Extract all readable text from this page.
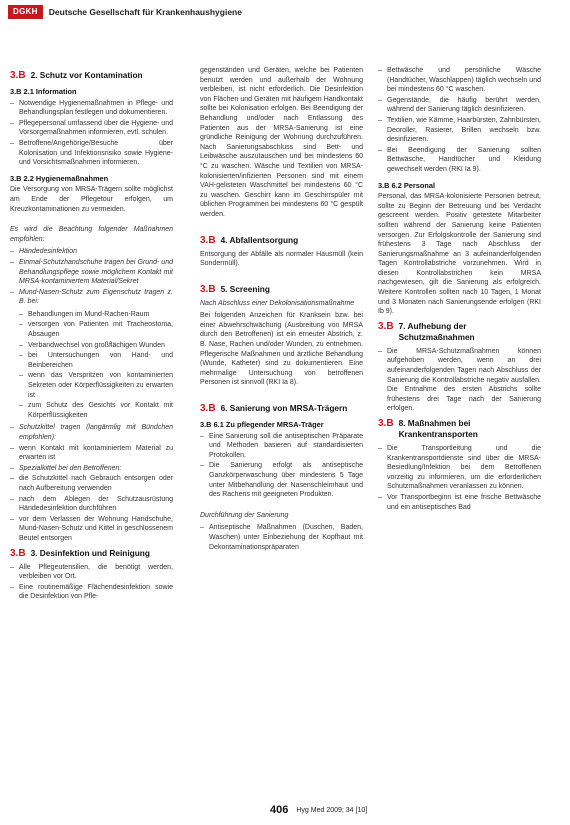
DGKH	Deutsche Gesellschaft für Krankenhaushygiene
3.B 2. Schutz vor Kontamination
3.B 2.1 Information
– Notwendige Hygienemaßnahmen in Pflege- und Behandlungsplan festlegen und dokumentieren.
– Pflegepersonal umfassend über die Hygiene- und Vorsorgemaßnahmen informieren, evtl. schulen.
– Betroffene/Angehörige/Besuche über Kolonisation und Infektionsrisiko sowie Hygiene- und Vorsichtsmaßnahmen informieren.
3.B 2.2 Hygienemaßnahmen

Die Versorgung von MRSA-Trägern sollte möglichst am Ende der Pflegetour erfolgen, um Kreuzkontaminationen zu vermeiden.

Es wird die Beachtung folgender Maßnahmen empfohlen:

– Händedesinfektion
– Einmal-Schutzhandschuhe tragen bei Grund- und Behandlungspflege sowie möglichem Kontakt mit MRSA-kontaminiertem Material/Sekret
– Mund-Nasen-Schutz zum Eigenschutz tragen z. B. bei:
– Behandlungen im Mund-Rachen-Raum
– versorgen von Patienten mit Tracheostoma, Absaugen
– Verbandwechsel von großflächigen Wunden
– bei Untersuchungen von Hand- und Beinbereichen
– wenn das Verspritzen von kontaminierten Sekreten oder Körperflüssigkeiten zu erwarten ist
– zum Schutz des Gesichts vor Kontakt mit Körperflüssigkeiten
– Schutzkittel tragen (langärmlig mit Bündchen empfohlen):
– wenn Kontakt mit kontaminiertem Material zu erwarten ist
– Spezialkittel bei den Betroffenen:
– die Schutzkittel nach Gebrauch entsorgen oder nach Aufbereitung verwenden
– nach dem Ablegen der Schutzausrüstung Händedesinfektion durchführen
– vor dem Verlassen der Wohnung Handschuhe, Mund-Nasen-Schutz und Kittel in geschlossenem Beutel entsorgen
3.B 3. Desinfektion und Reinigung
– Alle Pflegeutensilien, die benötigt werden, verbleiben vor Ort.
– Eine routinemäßige Flächendesinfektion sowie die Desinfektion von Pfle-

gegenständen und Geräten, welche bei Patienten benutzt werden und außerhalb der Wohnung verbleiben, ist nicht erforderlich. Die Desinfektion von Flächen und Geräten mit häufigem Handkontakt sollte bei Kolonisation erfolgen. Bei Beendigung der Behandlung und/oder nach Entlassung des Patienten aus der MRSA-Sanierung ist eine gründliche Reinigung der Wohnung durchzuführen. Nach Sanierungsabschluss sind Bett- und Leibwäsche auszutauschen und bei mindestens 60 °C zu waschen. Wäsche und Textilien von MRSA-kolonisierten/infizierten Personen sind mit einem VAH-gelisteten Waschmittel bei mindestens 60 °C zu waschen. Geschirr kann im Geschirrspüler mit üblichen Programmen bei mindestens 60 °C gespült werden.

3.B 4. Abfallentsorgung

Entsorgung der Abfälle als normaler Hausmüll (kein Sondermüll).

3.B 5. Screening

Nach Abschluss einer Dekolonisationsmaßnahme

Bei folgenden Anzeichen für Kranksein bzw. bei einer Abwehrschwächung (Ausbreitung von MRSA durch den Betroffenen) ist ein erneuter Abstrich, z. B. Nase, Rachen und/oder Wunden, zu entnehmen. Pflegerische Maßnahmen und ärztliche Behandlung (Wunde, Katheter) sind zu dokumentieren. Eine mehrmalige Untersuchung von betroffenen Personen ist sinnvoll (RKI Ia 8).

3.B 6. Sanierung von MRSA-Trägern
3.B 6.1 Zu pflegender MRSA-Träger
– Eine Sanierung soll die antiseptischen Präparate und Methoden basieren auf standardisierten Protokollen.
– Die Sanierung erfolgt als antiseptische Ganzkörperwaschung über mindestens 5 Tage unter Mitbehandlung der Nasenschleimhaut und des Rachens mit geeigneten Produkten.

Durchführung der Sanierung

– Antiseptische Maßnahmen (Duschen, Baden, Waschen) unter Einbeziehung der Kopfhaut mit Dekontaminationspräparaten
– Bettwäsche und persönliche Wäsche (Handtücher, Waschlappen) täglich wechseln und bei mindestens 60 °C waschen.
– Gegenstände, die häufig berührt werden, während der Sanierung täglich desinfizieren.
– Textilien, wie Kämme, Haarbürsten, Zahnbürsten, Deoroller, Rasierer, Brillen wechseln bzw. desinfizieren.
– Bei Beendigung der Sanierung sollten Bettwäsche, Handtücher und Kleidung gewechselt werden (RKI Ia 9).
3.B 6.2 Personal

Personal, das MRSA-kolonisierte Personen betreut, sollte zu Beginn der Betreuung und bei Verdacht gescreent werden. Positiv getestete Mitarbeiter sollten während der Sanierung keine Patienten versorgen. Zur Erfolgskontrolle der Sanierung sind frühestens 3 Tage nach Abschluss der Sanierungsmaßnahme an 3 aufeinanderfolgenden Tagen Kontrollabstriche vorzunehmen. Wird in diesen Kontrollabstrichen kein MRSA nachgewiesen, gilt die Sanierung als erfolgreich. Weitere Kontrollen sollten nach 10 Tagen, 1 Monat und 3 Monaten nach Sanierungsende erfolgen (RKI Ib 9).

3.B 7. Aufhebung der Schutzmaßnahmen
– Die MRSA-Schutzmaßnahmen können aufgehoben werden, wenn an drei aufeinanderfolgenden Tagen nach Abschluss der Sanierung die Kontrollabstriche negativ ausfallen. Die Entnahme des ersten Abstrichs sollte frühestens drei Tage nach der Sanierung erfolgen.
3.B 8. Maßnahmen bei Krankentransporten
– Die Transportleitung und die Krankentransportdienste sind über die MRSA-Besiedlung/Infektion bei dem Betroffenen vorzeitig zu informieren, um die erforderlichen Schutzmaßnahmen veranlassen zu können.
– Vor Transportbeginn ist eine frische Bettwäsche und ein antiseptisches Bad
406 Hyg Med 2009; 34 [10]
